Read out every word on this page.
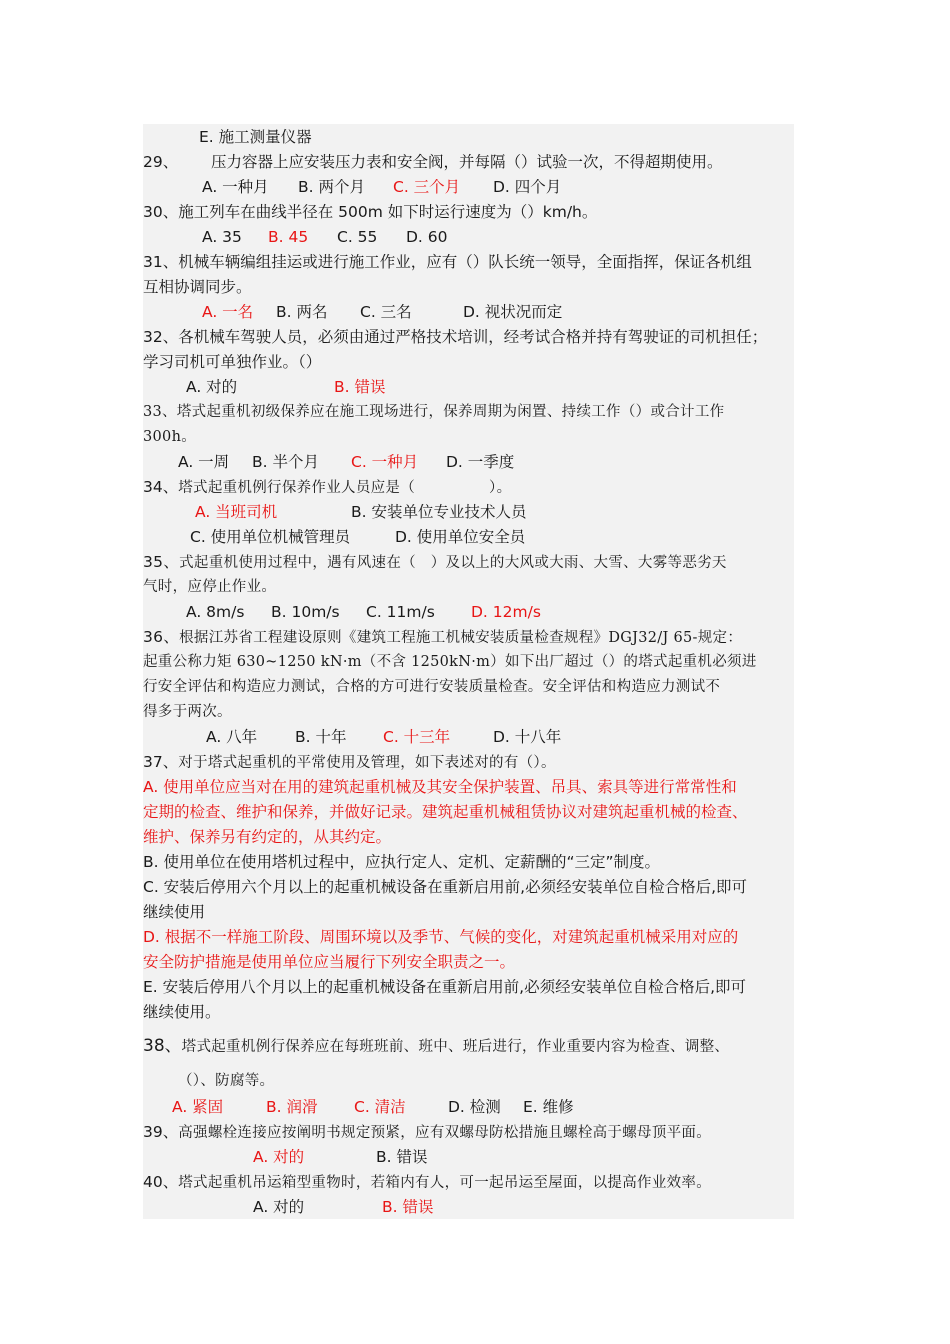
E. 施工测量仪器
29、 压力容器上应安装压力表和安全阀，并每隔（）试验一次，不得超期使用。
A. 一种月 B. 两个月 C. 三个月 D. 四个月
30、施工列车在曲线半径在 500m 如下时运行速度为（）km/h。
A. 35 B. 45 C. 55 D. 60
31、机械车辆编组挂运或进行施工作业，应有（）队长统一领导，全面指挥，保证各机组
互相协调同步。
A. 一名 B. 两名 C. 三名	D. 视状况而定
32、各机械车驾驶人员，必须由通过严格技术培训，经考试合格并持有驾驶证的司机担任；
学习司机可单独作业。（）
A. 对的	B. 错误
33、塔式起重机初级保养应在施工现场进行，保养周期为闲置、持续工作（）或合计工作
300h。
A. 一周 B. 半个月 C. 一种月 D. 一季度
34、塔式起重机例行保养作业人员应是（　　　　　）。
A. 当班司机	B. 安装单位专业技术人员
C. 使用单位机械管理员	D. 使用单位安全员
35、式起重机使用过程中，遇有风速在（　）及以上的大风或大雨、大雪、大雾等恶劣天
气时，应停止作业。
A. 8m/s B. 10m/s C. 11m/s D. 12m/s
36、根据江苏省工程建设原则《建筑工程施工机械安装质量检查规程》DGJ32/J 65-规定：
起重公称力矩 630~1250 kN·m（不含 1250kN·m）如下出厂超过（）的塔式起重机必须进
行安全评估和构造应力测试，合格的方可进行安装质量检查。安全评估和构造应力测试不
得多于两次。
A. 八年 B. 十年 C. 十三年	D. 十八年
37、对于塔式起重机的平常使用及管理，如下表述对的有（）。
A. 使用单位应当对在用的建筑起重机械及其安全保护装置、吊具、索具等进行常常性和
定期的检查、维护和保养，并做好记录。建筑起重机械租赁协议对建筑起重机械的检查、
维护、保养另有约定的，从其约定。
B. 使用单位在使用塔机过程中，应执行定人、定机、定薪酬的“三定”制度。
C. 安装后停用六个月以上的起重机械设备在重新启用前,必须经安装单位自检合格后,即可
继续使用
D. 根据不一样施工阶段、周围环境以及季节、气候的变化，对建筑起重机械采用对应的
安全防护措施是使用单位应当履行下列安全职责之一。
E. 安装后停用八个月以上的起重机械设备在重新启用前,必须经安装单位自检合格后,即可
继续使用。
38、塔式起重机例行保养应在每班班前、班中、班后进行，作业重要内容为检查、调整、
（）、防腐等。
A. 紧固	B. 润滑 C. 清洁	D. 检测 E. 维修
39、高强螺栓连接应按阐明书规定预紧，应有双螺母防松措施且螺栓高于螺母顶平面。
A. 对的	B. 错误
40、塔式起重机吊运箱型重物时，若箱内有人，可一起吊运至屋面，以提高作业效率。
A. 对的	B. 错误
